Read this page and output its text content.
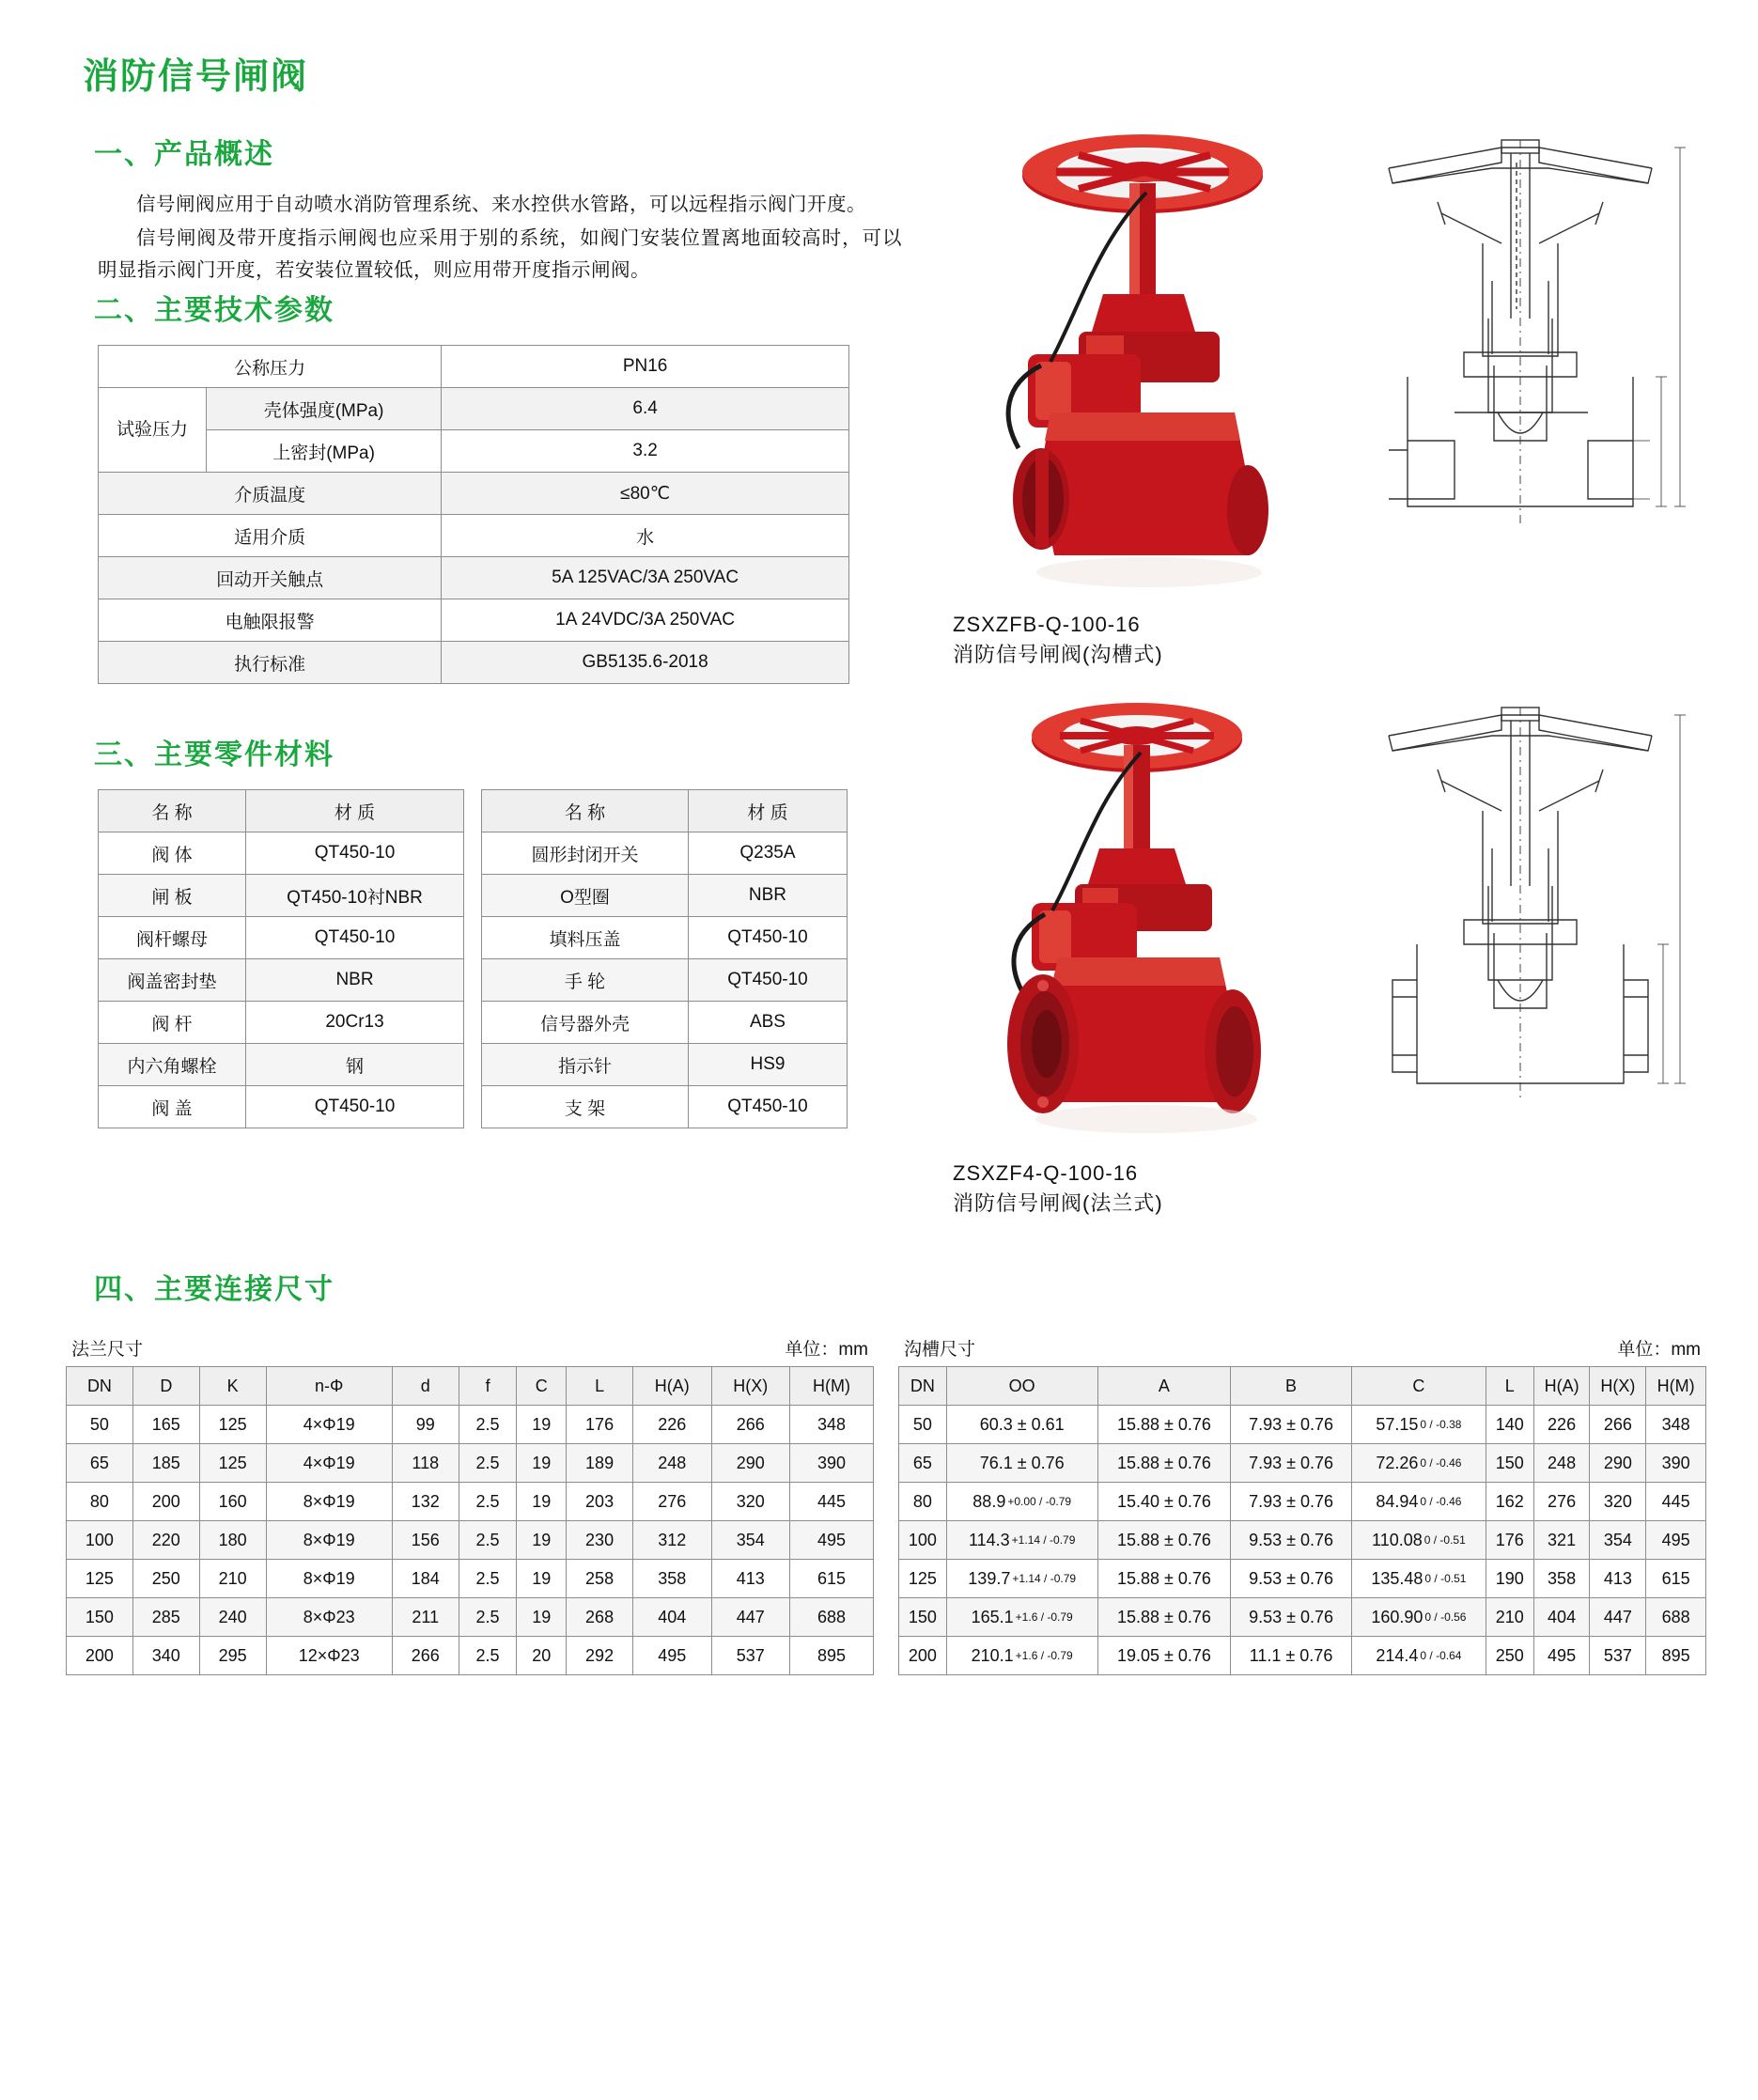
消防信号闸阀
一、产品概述

信号闸阀应用于自动喷水消防管理系统、来水控供水管路，可以远程指示阀门开度。

信号闸阀及带开度指示闸阀也应采用于别的系统，如阀门安装位置离地面较高时，可以明显指示阀门开度，若安装位置较低，则应用带开度指示闸阀。

二、主要技术参数
公称压力		PN16
试验压力	壳体强度(MPa)	6.4
	上密封(MPa)	3.2
介质温度		≤80℃
适用介质		水
回动开关触点		5A 125VAC/3A 250VAC
电触限报警		1A 24VDC/3A 250VAC
执行标准		GB5135.6-2018
三、主要零件材料
名 称	材 质
阀 体	QT450-10
闸 板	QT450-10衬NBR
阀杆螺母	QT450-10
阀盖密封垫	NBR
阀 杆	20Cr13
内六角螺栓	钢
阀 盖	QT450-10
名 称	材 质
圆形封闭开关	Q235A
O型圈	NBR
填料压盖	QT450-10
手 轮	QT450-10
信号器外壳	ABS
指示针	HS9
支 架	QT450-10
ZSXZFB-Q-100-16
消防信号闸阀(沟槽式)
ZSXZF4-Q-100-16
消防信号闸阀(法兰式)
四、主要连接尺寸
法兰尺寸	单位：mm
DN	D	K	n-Φ	d	f	C	L	H(A)	H(X)	H(M)
50	165	125	4×Φ19	99	2.5	19	176	226	266	348
65	185	125	4×Φ19	118	2.5	19	189	248	290	390
80	200	160	8×Φ19	132	2.5	19	203	276	320	445
100	220	180	8×Φ19	156	2.5	19	230	312	354	495
125	250	210	8×Φ19	184	2.5	19	258	358	413	615
150	285	240	8×Φ23	211	2.5	19	268	404	447	688
200	340	295	12×Φ23	266	2.5	20	292	495	537	895
沟槽尺寸	单位：mm
DN	OO	A	B	C	L	H(A)	H(X)	H(M)
50	60.3 ± 0.61	15.88 ± 0.76	7.93 ± 0.76	57.15 0 / -0.38	140	226	266	348
65	76.1 ± 0.76	15.88 ± 0.76	7.93 ± 0.76	72.26 0 / -0.46	150	248	290	390
80	88.9 +0.00 / -0.79	15.40 ± 0.76	7.93 ± 0.76	84.94 0 / -0.46	162	276	320	445
100	114.3 +1.14 / -0.79	15.88 ± 0.76	9.53 ± 0.76	110.08 0 / -0.51	176	321	354	495
125	139.7 +1.14 / -0.79	15.88 ± 0.76	9.53 ± 0.76	135.48 0 / -0.51	190	358	413	615
150	165.1 +1.6 / -0.79	15.88 ± 0.76	9.53 ± 0.76	160.90 0 / -0.56	210	404	447	688
200	210.1 +1.6 / -0.79	19.05 ± 0.76	11.1 ± 0.76	214.4 0 / -0.64	250	495	537	895
